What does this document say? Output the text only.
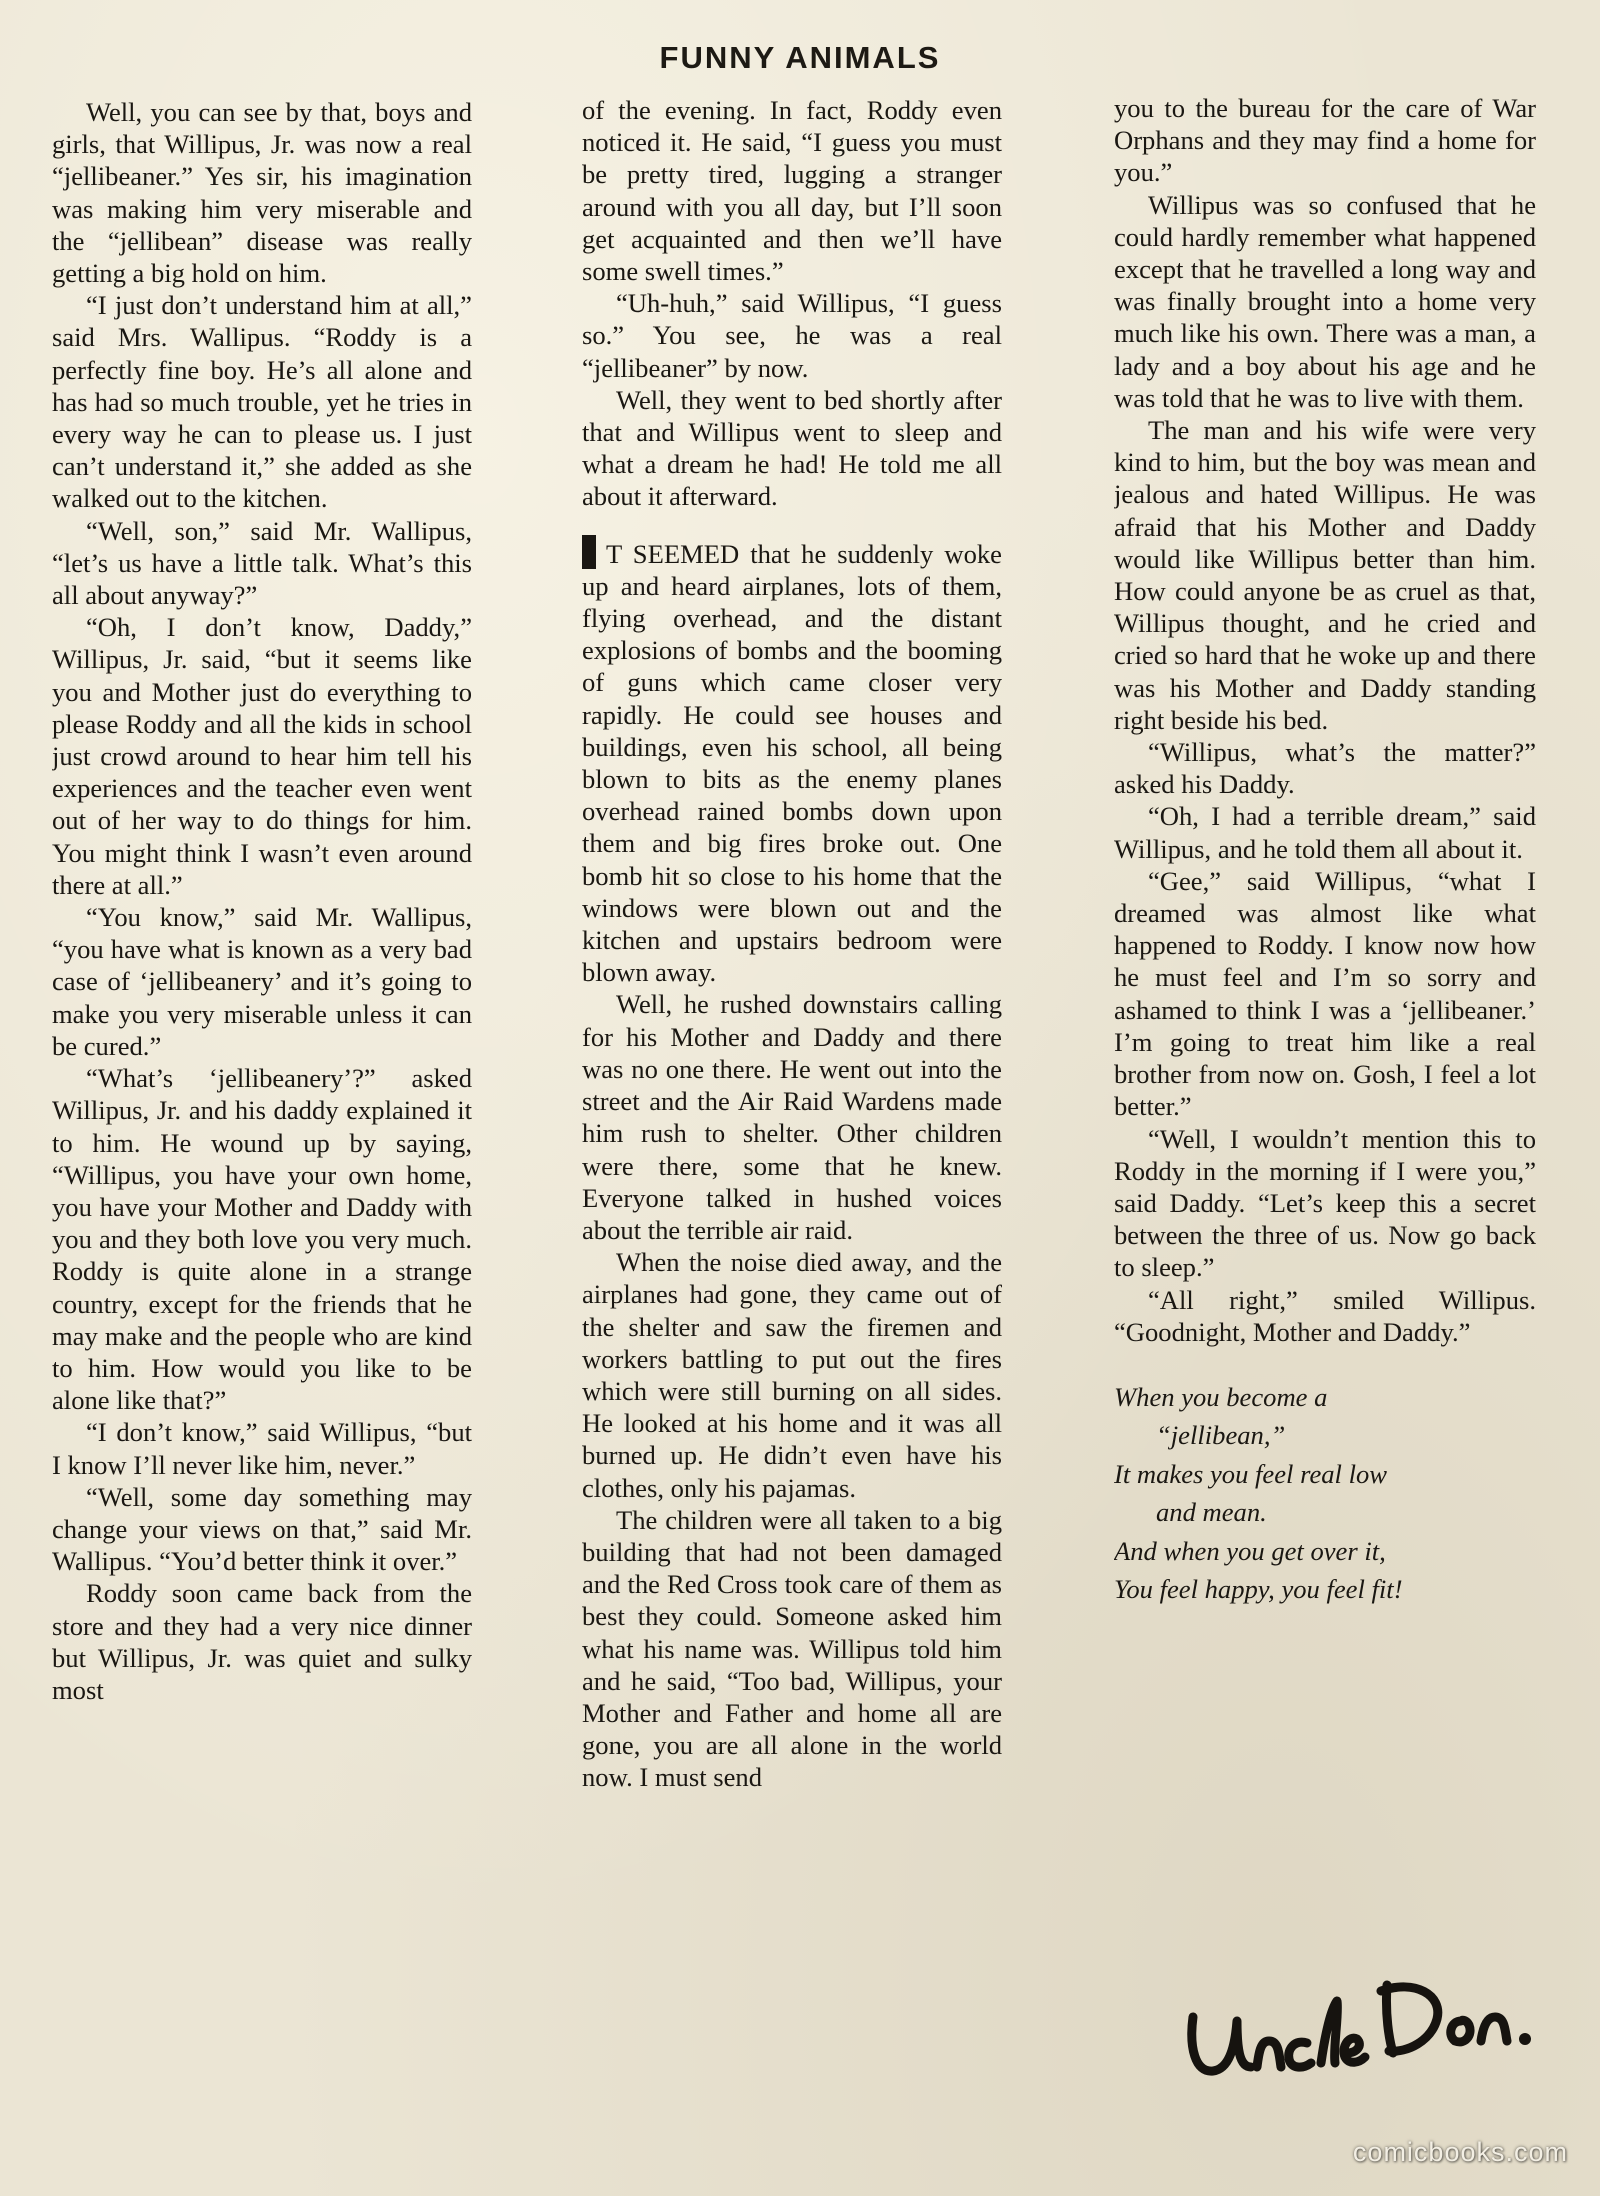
FUNNY ANIMALS

Well, you can see by that, boys and girls, that Willipus, Jr. was now a real “jellibeaner.” Yes sir, his imagination was making him very miserable and the “jellibean” disease was really getting a big hold on him.

“I just don’t understand him at all,” said Mrs. Wallipus. “Roddy is a perfectly fine boy. He’s all alone and has had so much trouble, yet he tries in every way he can to please us. I just can’t understand it,” she added as she walked out to the kitchen.

“Well, son,” said Mr. Wallipus, “let’s us have a little talk. What’s this all about anyway?”

“Oh, I don’t know, Daddy,” Willipus, Jr. said, “but it seems like you and Mother just do everything to please Roddy and all the kids in school just crowd around to hear him tell his experiences and the teacher even went out of her way to do things for him. You might think I wasn’t even around there at all.”

“You know,” said Mr. Wallipus, “you have what is known as a very bad case of ‘jellibeanery’ and it’s going to make you very miserable unless it can be cured.”

“What’s ‘jellibeanery’?” asked Willipus, Jr. and his daddy explained it to him. He wound up by saying, “Willipus, you have your own home, you have your Mother and Daddy with you and they both love you very much. Roddy is quite alone in a strange country, except for the friends that he may make and the people who are kind to him. How would you like to be alone like that?”

“I don’t know,” said Willipus, “but I know I’ll never like him, never.”

“Well, some day something may change your views on that,” said Mr. Wallipus. “You’d better think it over.”

Roddy soon came back from the store and they had a very nice dinner but Willipus, Jr. was quiet and sulky most

of the evening. In fact, Roddy even noticed it. He said, “I guess you must be pretty tired, lugging a stranger around with you all day, but I’ll soon get acquainted and then we’ll have some swell times.”

“Uh-huh,” said Willipus, “I guess so.” You see, he was a real “jellibeaner” by now.

Well, they went to bed shortly after that and Willipus went to sleep and what a dream he had! He told me all about it afterward.

T SEEMED that he suddenly woke up and heard airplanes, lots of them, flying overhead, and the distant explosions of bombs and the booming of guns which came closer very rapidly. He could see houses and buildings, even his school, all being blown to bits as the enemy planes overhead rained bombs down upon them and big fires broke out. One bomb hit so close to his home that the windows were blown out and the kitchen and upstairs bedroom were blown away.

Well, he rushed downstairs calling for his Mother and Daddy and there was no one there. He went out into the street and the Air Raid Wardens made him rush to shelter. Other children were there, some that he knew. Everyone talked in hushed voices about the terrible air raid.

When the noise died away, and the airplanes had gone, they came out of the shelter and saw the firemen and workers battling to put out the fires which were still burning on all sides. He looked at his home and it was all burned up. He didn’t even have his clothes, only his pajamas.

The children were all taken to a big building that had not been damaged and the Red Cross took care of them as best they could. Someone asked him what his name was. Willipus told him and he said, “Too bad, Willipus, your Mother and Father and home all are gone, you are all alone in the world now. I must send

you to the bureau for the care of War Orphans and they may find a home for you.”

Willipus was so confused that he could hardly remember what happened except that he travelled a long way and was finally brought into a home very much like his own. There was a man, a lady and a boy about his age and he was told that he was to live with them.

The man and his wife were very kind to him, but the boy was mean and jealous and hated Willipus. He was afraid that his Mother and Daddy would like Willipus better than him. How could anyone be as cruel as that, Willipus thought, and he cried and cried so hard that he woke up and there was his Mother and Daddy standing right beside his bed.

“Willipus, what’s the matter?” asked his Daddy.

“Oh, I had a terrible dream,” said Willipus, and he told them all about it.

“Gee,” said Willipus, “what I dreamed was almost like what happened to Roddy. I know now how he must feel and I’m so sorry and ashamed to think I was a ‘jellibeaner.’ I’m going to treat him like a real brother from now on. Gosh, I feel a lot better.”

“Well, I wouldn’t mention this to Roddy in the morning if I were you,” said Daddy. “Let’s keep this a secret between the three of us. Now go back to sleep.”

“All right,” smiled Willipus. “Goodnight, Mother and Daddy.”

When you become a
“jellibean,”
It makes you feel real low
and mean.
And when you get over it,
You feel happy, you feel fit!
comicbooks.com
